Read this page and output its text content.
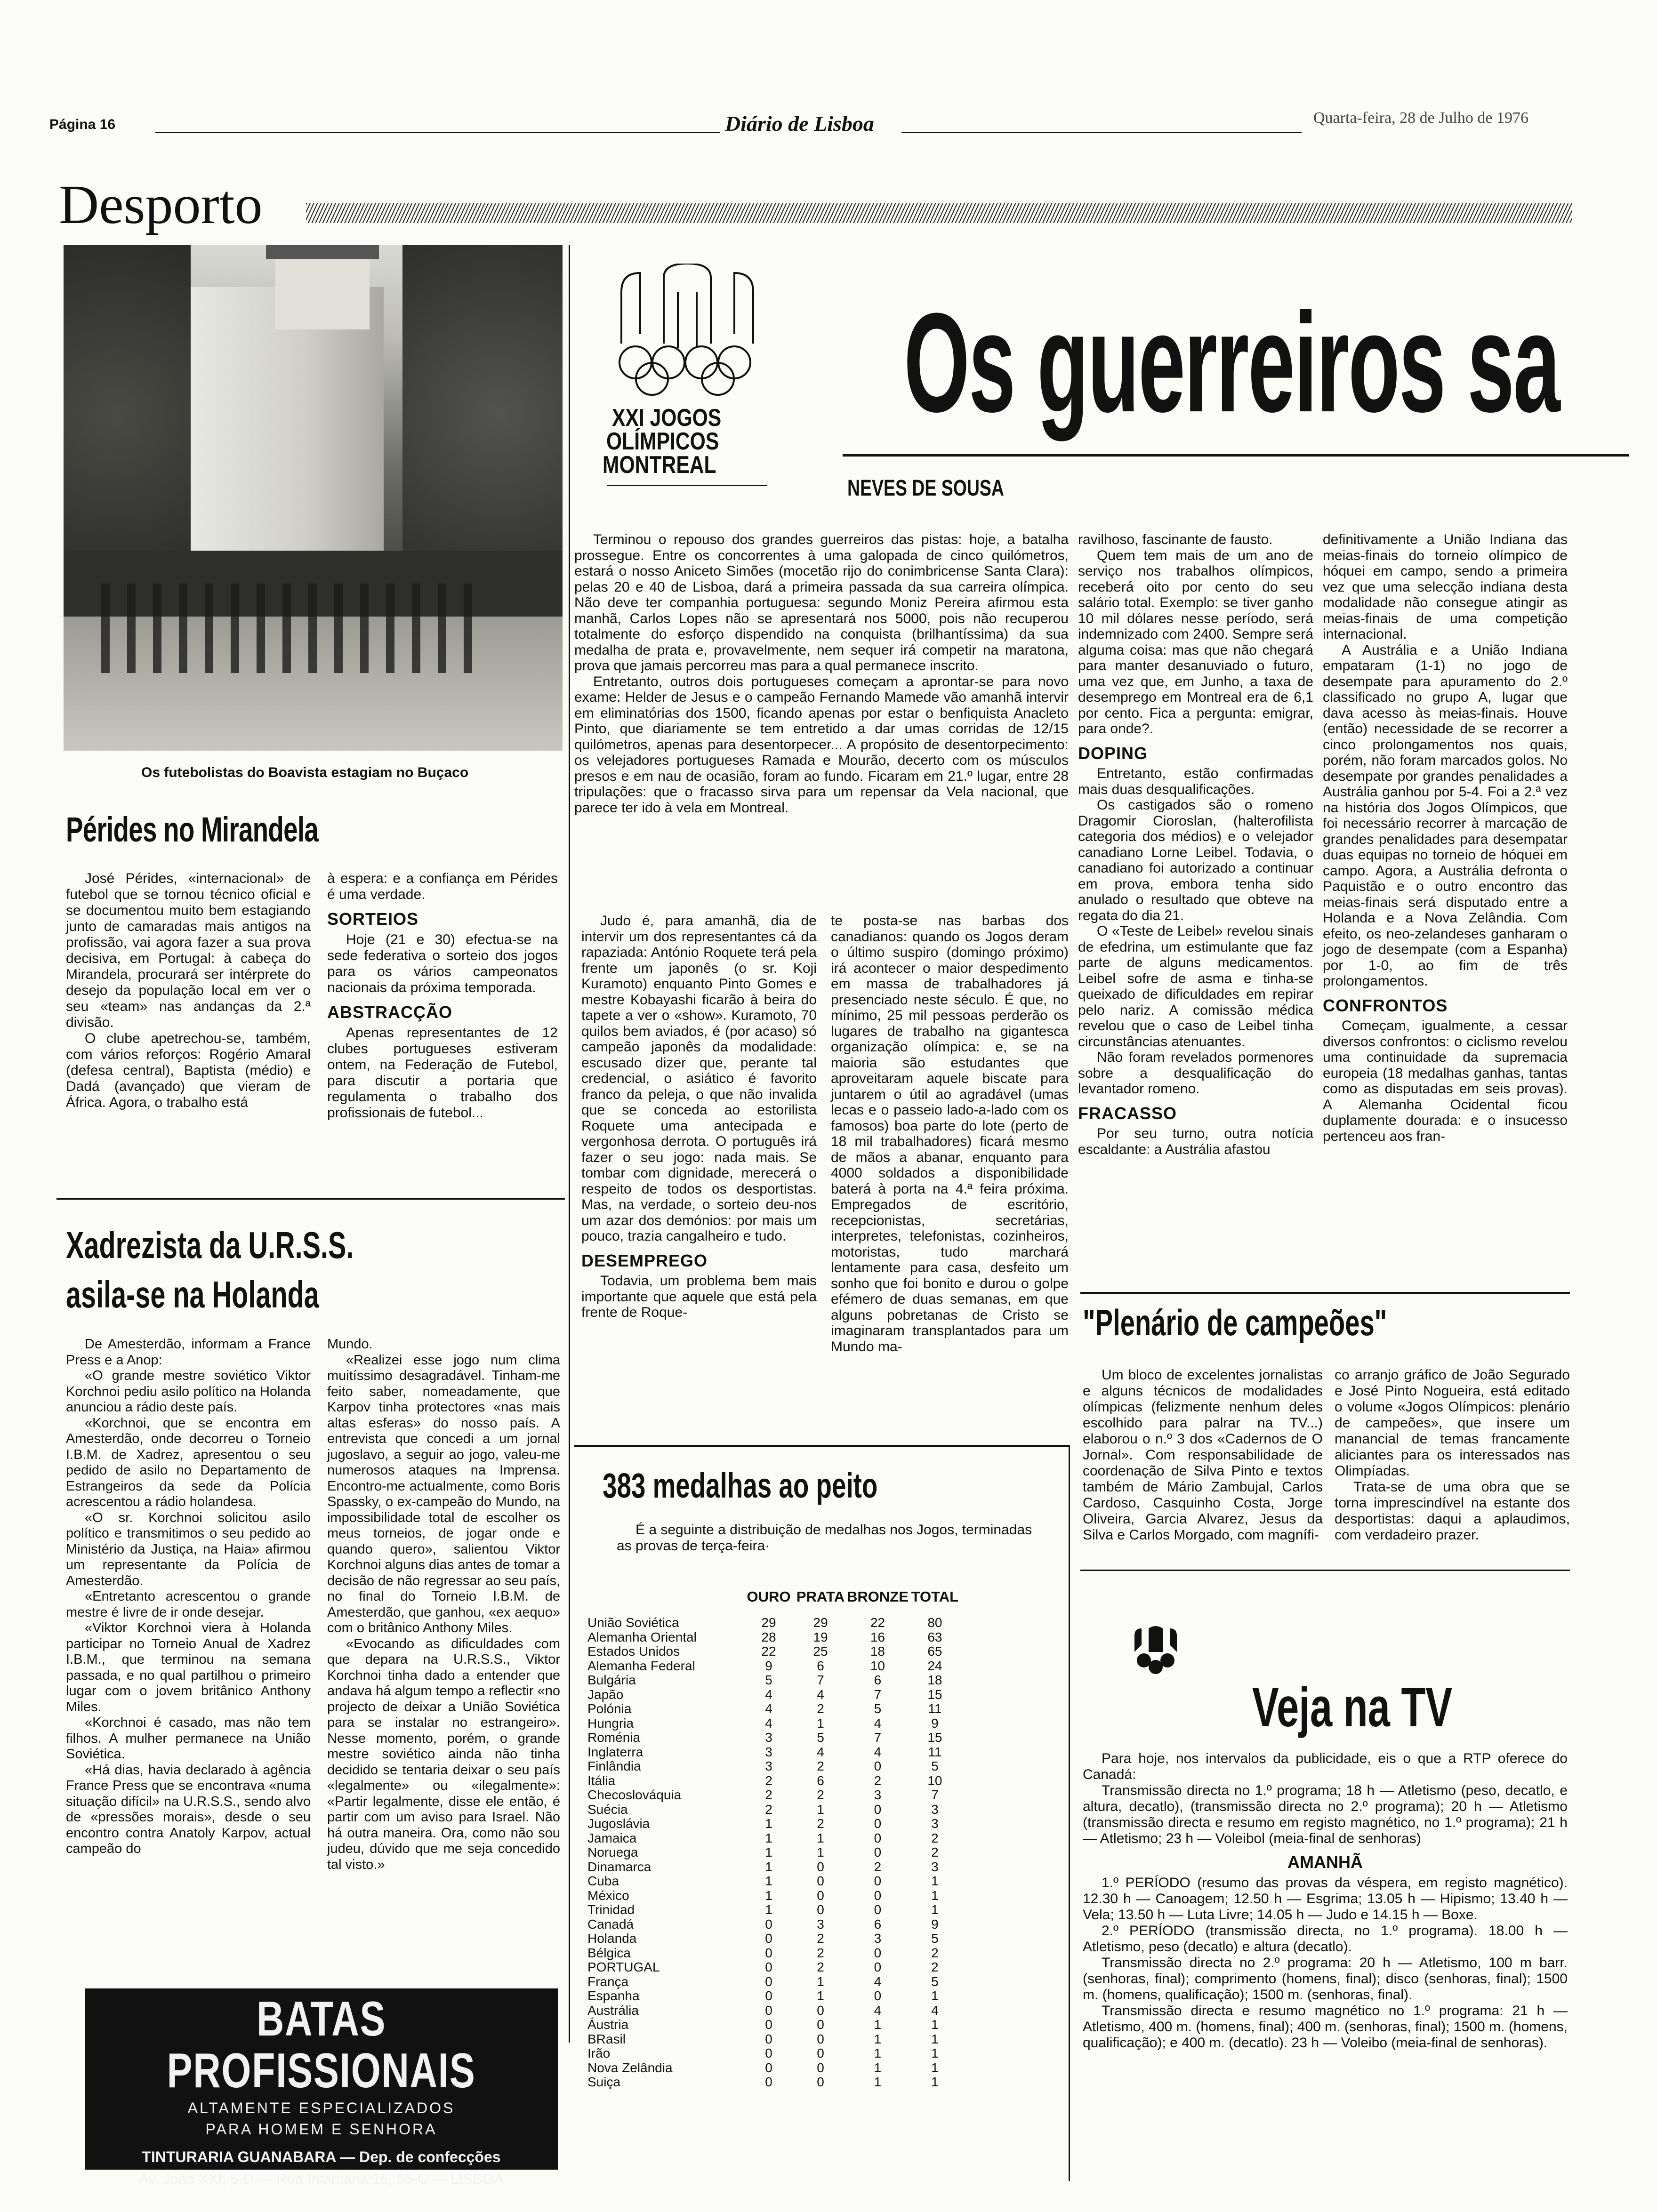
Página 16	Diário de Lisboa	Quarta-feira, 28 de Julho de 1976
Desporto
Os futebolistas do Boavista estagiam no Buçaco
Pérides no Mirandela

José Pérides, «internacional» de futebol que se tornou técnico oficial e se documentou muito bem estagiando junto de camaradas mais antigos na profissão, vai agora fazer a sua prova decisiva, em Portugal: à cabeça do Mirandela, procurará ser intérprete do desejo da população local em ver o seu «team» nas andanças da 2.ª divisão.

O clube apetrechou-se, também, com vários reforços: Rogério Amaral (defesa central), Baptista (médio) e Dadá (avançado) que vieram de África. Agora, o trabalho está

à espera: e a confiança em Pérides é uma verdade.

SORTEIOS

Hoje (21 e 30) efectua-se na sede federativa o sorteio dos jogos para os vários campeonatos nacionais da próxima temporada.

ABSTRACÇÃO

Apenas representantes de 12 clubes portugueses estiveram ontem, na Federação de Futebol, para discutir a portaria que regulamenta o trabalho dos profissionais de futebol...

Xadrezista da U.R.S.S.
asila-se na Holanda

De Amesterdão, informam a France Press e a Anop:

«O grande mestre soviético Viktor Korchnoi pediu asilo político na Holanda anunciou a rádio deste país.

«Korchnoi, que se encontra em Amesterdão, onde decorreu o Torneio I.B.M. de Xadrez, apresentou o seu pedido de asilo no Departamento de Estrangeiros da sede da Polícia acrescentou a rádio holandesa.

«O sr. Korchnoi solicitou asilo político e transmitimos o seu pedido ao Ministério da Justiça, na Haia» afirmou um representante da Polícia de Amesterdão.

«Entretanto acrescentou o grande mestre é livre de ir onde desejar.

«Viktor Korchnoi viera à Holanda participar no Torneio Anual de Xadrez I.B.M., que terminou na semana passada, e no qual partilhou o primeiro lugar com o jovem britânico Anthony Miles.

«Korchnoi é casado, mas não tem filhos. A mulher permanece na União Soviética.

«Há dias, havia declarado à agência France Press que se encontrava «numa situação difícil» na U.R.S.S., sendo alvo de «pressões morais», desde o seu encontro contra Anatoly Karpov, actual campeão do

Mundo.

«Realizei esse jogo num clima muitíssimo desagradável. Tinham-me feito saber, nomeadamente, que Karpov tinha protectores «nas mais altas esferas» do nosso país. A entrevista que concedi a um jornal jugoslavo, a seguir ao jogo, valeu-me numerosos ataques na Imprensa. Encontro-me actualmente, como Boris Spassky, o ex-campeão do Mundo, na impossibilidade total de escolher os meus torneios, de jogar onde e quando quero», salientou Viktor Korchnoi alguns dias antes de tomar a decisão de não regressar ao seu país, no final do Torneio I.B.M. de Amesterdão, que ganhou, «ex aequo» com o britânico Anthony Miles.

«Evocando as dificuldades com que depara na U.R.S.S., Viktor Korchnoi tinha dado a entender que andava há algum tempo a reflectir «no projecto de deixar a União Soviética para se instalar no estrangeiro». Nesse momento, porém, o grande mestre soviético ainda não tinha decidido se tentaria deixar o seu país «legalmente» ou «ilegalmente»: «Partir legalmente, disse ele então, é partir com um aviso para Israel. Não há outra maneira. Ora, como não sou judeu, dúvido que me seja concedido tal visto.»

BATAS PROFISSIONAIS
ALTAMENTE ESPECIALIZADOS
PARA HOMEM E SENHORA
TINTURARIA GUANABARA — Dep. de confecções
Av. João XXI, 5-D — Rua Infantaria 16, 55-C — LISBOA
XXI JOGOS
OLÍMPICOS
MONTREAL
Os guerreiros sa
NEVES DE SOUSA

Terminou o repouso dos grandes guerreiros das pistas: hoje, a batalha prossegue. Entre os concorrentes à uma galopada de cinco quilómetros, estará o nosso Aniceto Simões (mocetão rijo do conimbricense Santa Clara): pelas 20 e 40 de Lisboa, dará a primeira passada da sua carreira olímpica. Não deve ter companhia portuguesa: segundo Moniz Pereira afirmou esta manhã, Carlos Lopes não se apresentará nos 5000, pois não recuperou totalmente do esforço dispendido na conquista (brilhantíssima) da sua medalha de prata e, provavelmente, nem sequer irá competir na maratona, prova que jamais percorreu mas para a qual permanece inscrito.

Entretanto, outros dois portugueses começam a aprontar-se para novo exame: Helder de Jesus e o campeão Fernando Mamede vão amanhã intervir em eliminatórias dos 1500, ficando apenas por estar o benfiquista Anacleto Pinto, que diariamente se tem entretido a dar umas corridas de 12/15 quilómetros, apenas para desentorpecer... A propósito de desentorpecimento: os velejadores portugueses Ramada e Mourão, decerto com os músculos presos e em nau de ocasião, foram ao fundo. Ficaram em 21.º lugar, entre 28 tripulações: que o fracasso sirva para um repensar da Vela nacional, que parece ter ido à vela em Montreal.

Judo é, para amanhã, dia de intervir um dos representantes cá da rapaziada: António Roquete terá pela frente um japonês (o sr. Koji Kuramoto) enquanto Pinto Gomes e mestre Kobayashi ficarão à beira do tapete a ver o «show». Kuramoto, 70 quilos bem aviados, é (por acaso) só campeão japonês da modalidade: escusado dizer que, perante tal credencial, o asiático é favorito franco da peleja, o que não invalida que se conceda ao estorilista Roquete uma antecipada e vergonhosa derrota. O português irá fazer o seu jogo: nada mais. Se tombar com dignidade, merecerá o respeito de todos os desportistas. Mas, na verdade, o sorteio deu-nos um azar dos demónios: por mais um pouco, trazia cangalheiro e tudo.

DESEMPREGO

Todavia, um problema bem mais importante que aquele que está pela frente de Roque-

te posta-se nas barbas dos canadianos: quando os Jogos deram o último suspiro (domingo próximo) irá acontecer o maior despedimento em massa de trabalhadores já presenciado neste século. É que, no mínimo, 25 mil pessoas perderão os lugares de trabalho na gigantesca organização olímpica: e, se na maioria são estudantes que aproveitaram aquele biscate para juntarem o útil ao agradável (umas lecas e o passeio lado-a-lado com os famosos) boa parte do lote (perto de 18 mil trabalhadores) ficará mesmo de mãos a abanar, enquanto para 4000 soldados a disponibilidade baterá à porta na 4.ª feira próxima. Empregados de escritório, recepcionistas, secretárias, interpretes, telefonistas, cozinheiros, motoristas, tudo marchará lentamente para casa, desfeito um sonho que foi bonito e durou o golpe efémero de duas semanas, em que alguns pobretanas de Cristo se imaginaram transplantados para um Mundo ma-

ravilhoso, fascinante de fausto.

Quem tem mais de um ano de serviço nos trabalhos olímpicos, receberá oito por cento do seu salário total. Exemplo: se tiver ganho 10 mil dólares nesse período, será indemnizado com 2400. Sempre será alguma coisa: mas que não chegará para manter desanuviado o futuro, uma vez que, em Junho, a taxa de desemprego em Montreal era de 6,1 por cento. Fica a pergunta: emigrar, para onde?.

DOPING

Entretanto, estão confirmadas mais duas desqualificações.

Os castigados são o romeno Dragomir Cioroslan, (halterofilista categoria dos médios) e o velejador canadiano Lorne Leibel. Todavia, o canadiano foi autorizado a continuar em prova, embora tenha sido anulado o resultado que obteve na regata do dia 21.

O «Teste de Leibel» revelou sinais de efedrina, um estimulante que faz parte de alguns medicamentos. Leibel sofre de asma e tinha-se queixado de dificuldades em repirar pelo nariz. A comissão médica revelou que o caso de Leibel tinha circunstâncias atenuantes.

Não foram revelados pormenores sobre a desqualificação do levantador romeno.

FRACASSO

Por seu turno, outra notícia escaldante: a Austrália afastou

definitivamente a União Indiana das meias-finais do torneio olímpico de hóquei em campo, sendo a primeira vez que uma selecção indiana desta modalidade não consegue atingir as meias-finais de uma competição internacional.

A Austrália e a União Indiana empataram (1-1) no jogo de desempate para apuramento do 2.º classificado no grupo A, lugar que dava acesso às meias-finais. Houve (então) necessidade de se recorrer a cinco prolongamentos nos quais, porém, não foram marcados golos. No desempate por grandes penalidades a Austrália ganhou por 5-4. Foi a 2.ª vez na história dos Jogos Olímpicos, que foi necessário recorrer à marcação de grandes penalidades para desempatar duas equipas no torneio de hóquei em campo. Agora, a Austrália defronta o Paquistão e o outro encontro das meias-finais será disputado entre a Holanda e a Nova Zelândia. Com efeito, os neo-zelandeses ganharam o jogo de desempate (com a Espanha) por 1-0, ao fim de três prolongamentos.

CONFRONTOS

Começam, igualmente, a cessar diversos confrontos: o ciclismo revelou uma continuidade da supremacia europeia (18 medalhas ganhas, tantas como as disputadas em seis provas). A Alemanha Ocidental ficou duplamente dourada: e o insucesso pertenceu aos fran-

383 medalhas ao peito
É a seguinte a distribuição de medalhas nos Jogos, terminadas as provas de terça-feira·
	OURO	PRATA	BRONZE	TOTAL
União Soviética	29	29	22	80
Alemanha Oriental	28	19	16	63
Estados Unidos	22	25	18	65
Alemanha Federal	9	6	10	24
Bulgária	5	7	6	18
Japão	4	4	7	15
Polónia	4	2	5	11
Hungria	4	1	4	9
Roménia	3	5	7	15
Inglaterra	3	4	4	11
Finlândia	3	2	0	5
Itália	2	6	2	10
Checoslováquia	2	2	3	7
Suécia	2	1	0	3
Jugoslávia	1	2	0	3
Jamaica	1	1	0	2
Noruega	1	1	0	2
Dinamarca	1	0	2	3
Cuba	1	0	0	1
México	1	0	0	1
Trinidad	1	0	0	1
Canadá	0	3	6	9
Holanda	0	2	3	5
Bélgica	0	2	0	2
PORTUGAL	0	2	0	2
França	0	1	4	5
Espanha	0	1	0	1
Austrália	0	0	4	4
Áustria	0	0	1	1
BRasil	0	0	1	1
Irão	0	0	1	1
Nova Zelândia	0	0	1	1
Suiça	0	0	1	1
"Plenário de campeões"

Um bloco de excelentes jornalistas e alguns técnicos de modalidades olímpicas (felizmente nenhum deles escolhido para palrar na TV...) elaborou o n.º 3 dos «Cadernos de O Jornal». Com responsabilidade de coordenação de Silva Pinto e textos também de Mário Zambujal, Carlos Cardoso, Casquinho Costa, Jorge Oliveira, Garcia Alvarez, Jesus da Silva e Carlos Morgado, com magnífi-

co arranjo gráfico de João Segurado e José Pinto Nogueira, está editado o volume «Jogos Olímpicos: plenário de campeões», que insere um manancial de temas francamente aliciantes para os interessados nas Olimpíadas.

Trata-se de uma obra que se torna imprescindível na estante dos desportistas: daqui a aplaudimos, com verdadeiro prazer.

Veja na TV

Para hoje, nos intervalos da publicidade, eis o que a RTP oferece do Canadá:

Transmissão directa no 1.º programa; 18 h — Atletismo (peso, decatlo, e altura, decatlo), (transmissão directa no 2.º programa); 20 h — Atletismo (transmissão directa e resumo em registo magnético, no 1.º programa); 21 h — Atletismo; 23 h — Voleibol (meia-final de senhoras)

AMANHÃ

1.º PERÍODO (resumo das provas da véspera, em registo magnético). 12.30 h — Canoagem; 12.50 h — Esgrima; 13.05 h — Hipismo; 13.40 h — Vela; 13.50 h — Luta Livre; 14.05 h — Judo e 14.15 h — Boxe.

2.º PERÍODO (transmissão directa, no 1.º programa). 18.00 h — Atletismo, peso (decatlo) e altura (decatlo).

Transmissão directa no 2.º programa: 20 h — Atletismo, 100 m barr. (senhoras, final); comprimento (homens, final); disco (senhoras, final); 1500 m. (homens, qualificação); 1500 m. (senhoras, final).

Transmissão directa e resumo magnético no 1.º programa: 21 h — Atletismo, 400 m. (homens, final); 400 m. (senhoras, final); 1500 m. (homens, qualificação); e 400 m. (decatlo). 23 h — Voleibo (meia-final de senhoras).
